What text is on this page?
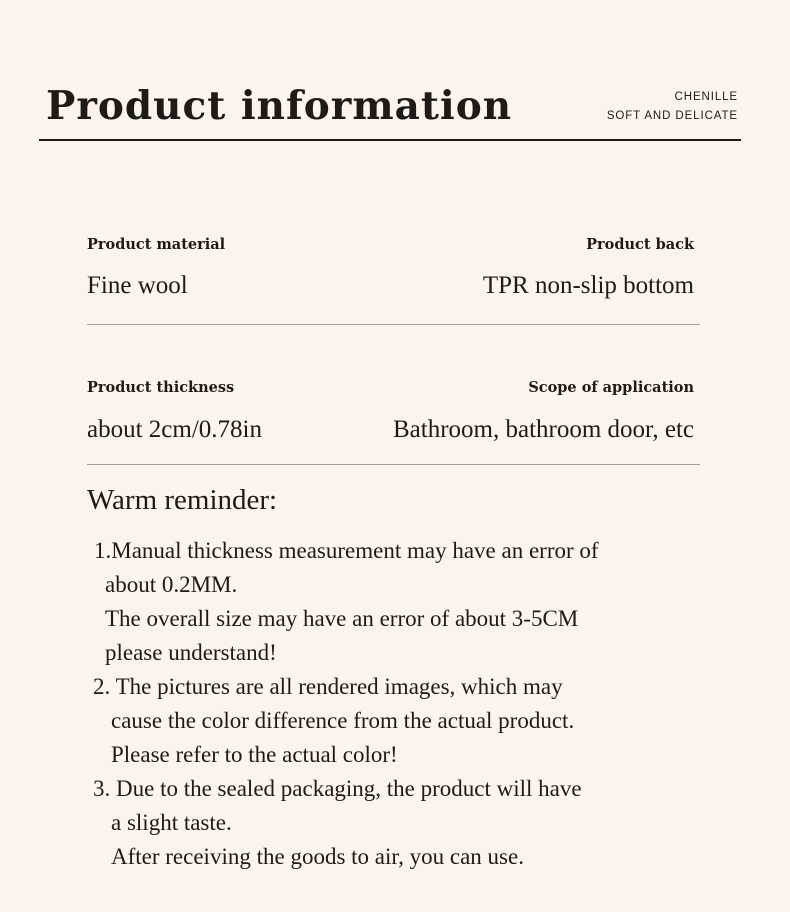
Product information	CHENILLE
SOFT AND DELICATE
Product material
Fine wool
Product back
TPR non-slip bottom
Product thickness
about 2cm/0.78in
Scope of application
Bathroom, bathroom door, etc
Warm reminder:
1.Manual thickness measurement may have an error of
about 0.2MM.
The overall size may have an error of about 3-5CM
please understand!
2. The pictures are all rendered images, which may
cause the color difference from the actual product.
Please refer to the actual color!
3. Due to the sealed packaging, the product will have
a slight taste.
After receiving the goods to air, you can use.
